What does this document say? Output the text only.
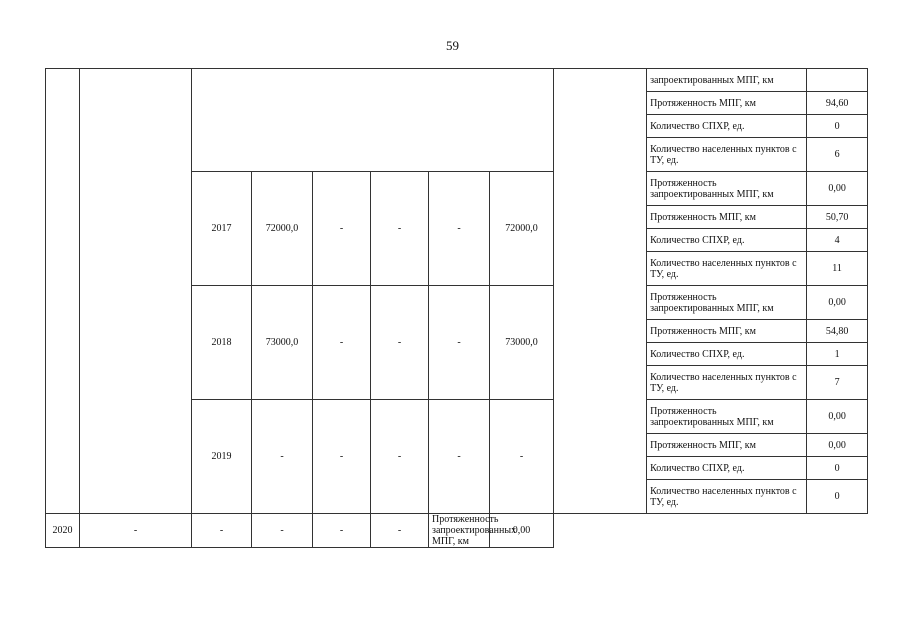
59
									запроектированных МПГ, км	
									Протяженность МПГ, км	94,60
									Количество СПХР, ед.	0
									Количество населенных пунктов с ТУ, ед.	6
		2017	72000,0	-	-	-	72000,0		Протяженность запроектированных МПГ, км	0,00
									Протяженность МПГ, км	50,70
									Количество СПХР, ед.	4
									Количество населенных пунктов с ТУ, ед.	11
		2018	73000,0	-	-	-	73000,0		Протяженность запроектированных МПГ, км	0,00
									Протяженность МПГ, км	54,80
									Количество СПХР, ед.	1
									Количество населенных пунктов с ТУ, ед.	7
		2019	-	-	-	-	-		Протяженность запроектированных МПГ, км	0,00
									Протяженность МПГ, км	0,00
									Количество СПХР, ед.	0
									Количество населенных пунктов с ТУ, ед.	0
2020	-	-	-	-	-	Протяженность запроектированных МПГ, км	0,00			
